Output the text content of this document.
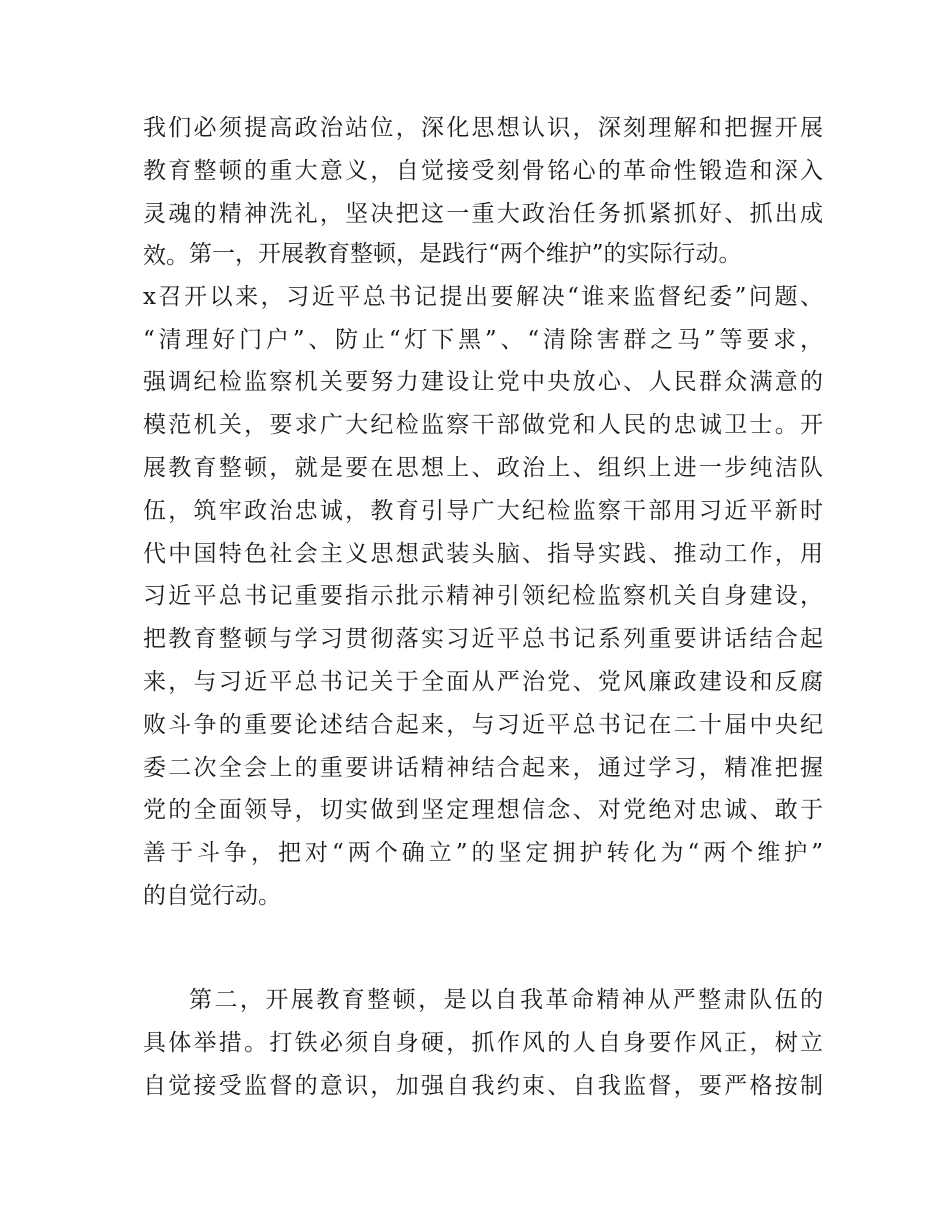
我们必须提高政治站位，深化思想认识，深刻理解和把握开展
教育整顿的重大意义，自觉接受刻骨铭心的革命性锻造和深入
灵魂的精神洗礼，坚决把这一重大政治任务抓紧抓好、抓出成
效。 第一，开展教育整顿，是践行“两个维护”的实际行动。
x召开以来，习近平总书记提出要解决“谁来监督纪委”问题、
“清理好门户”、防止“灯下黑”、“清除害群之马”等要求，
强调纪检监察机关要努力建设让党中央放心、人民群众满意的
模范机关，要求广大纪检监察干部做党和人民的忠诚卫士。开
展教育整顿，就是要在思想上、政治上、组织上进一步纯洁队
伍，筑牢政治忠诚，教育引导广大纪检监察干部用习近平新时
代中国特色社会主义思想武装头脑、指导实践、推动工作，用
习近平总书记重要指示批示精神引领纪检监察机关自身建设，
把教育整顿与学习贯彻落实习近平总书记系列重要讲话结合起
来，与习近平总书记关于全面从严治党、党风廉政建设和反腐
败斗争的重要论述结合起来，与习近平总书记在二十届中央纪
委二次全会上的重要讲话精神结合起来，通过学习，精准把握
党的全面领导，切实做到坚定理想信念、对党绝对忠诚、敢于
善于斗争，把对“两个确立”的坚定拥护转化为“两个维护”
的自觉行动。

第二，开展教育整顿，是以自我革命精神从严整肃队伍的
具体举措。打铁必须自身硬，抓作风的人自身要作风正，树立
自觉接受监督的意识，加强自我约束、自我监督，要严格按制
